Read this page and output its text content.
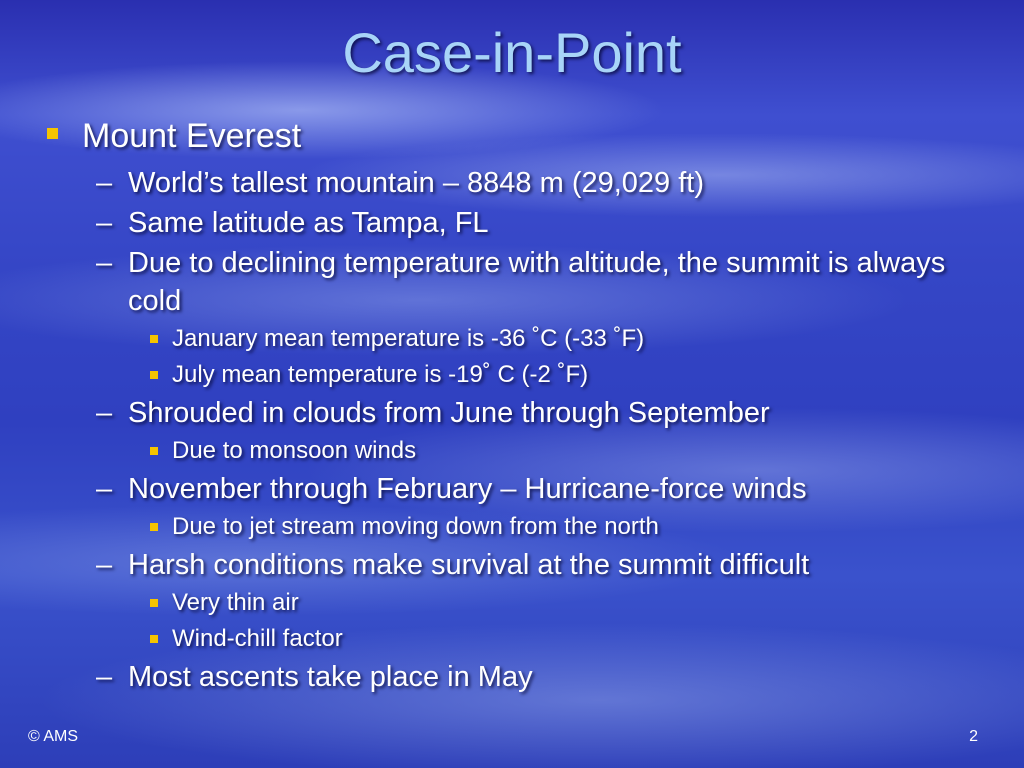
Case-in-Point
Mount Everest
– World’s tallest mountain – 8848 m (29,029 ft)
– Same latitude as Tampa, FL
– Due to declining temperature with altitude, the summit is always cold
January mean temperature is -36 ˚C (-33 ˚F)
July mean temperature is -19˚ C (-2 ˚F)
– Shrouded in clouds from June through September
Due to monsoon winds
– November through February – Hurricane-force winds
Due to jet stream moving down from the north
– Harsh conditions make survival at the summit difficult
Very thin air
Wind-chill factor
– Most ascents take place in May
© AMS	2
